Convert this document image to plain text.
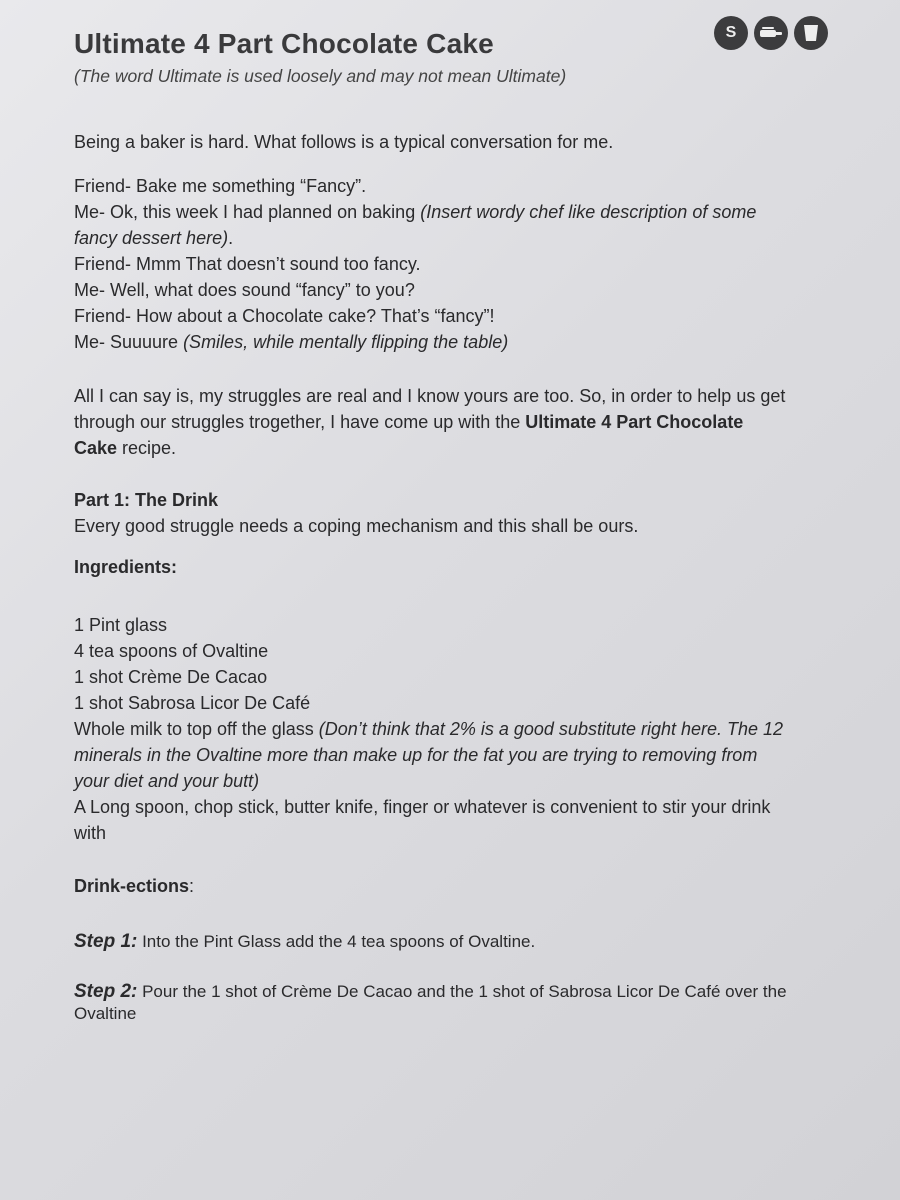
S
Ultimate 4 Part Chocolate Cake
(The word Ultimate is used loosely and may not mean Ultimate)
Being a baker is hard. What follows is a typical conversation for me.
Friend- Bake me something “Fancy”.
Me- Ok, this week I had planned on baking (Insert wordy chef like description of some fancy dessert here).
Friend- Mmm That doesn’t sound too fancy.
Me- Well, what does sound “fancy” to you?
Friend- How about a Chocolate cake? That’s “fancy”!
Me- Suuuure (Smiles, while mentally flipping the table)
All I can say is, my struggles are real and I know yours are too. So, in order to help us get through our struggles trogether, I have come up with the Ultimate 4 Part Chocolate Cake recipe.
Part 1: The Drink
Every good struggle needs a coping mechanism and this shall be ours.
Ingredients:
1 Pint glass
4 tea spoons of Ovaltine
1 shot Crème De Cacao
1 shot Sabrosa Licor De Café
Whole milk to top off the glass (Don’t think that 2% is a good substitute right here. The 12 minerals in the Ovaltine more than make up for the fat you are trying to removing from your diet and your butt)
A Long spoon, chop stick, butter knife, finger or whatever is convenient to stir your drink with
Drink-ections:
Step 1: Into the Pint Glass add the 4 tea spoons of Ovaltine.
Step 2: Pour the 1 shot of Crème De Cacao and the 1 shot of Sabrosa Licor De Café over the Ovaltine
